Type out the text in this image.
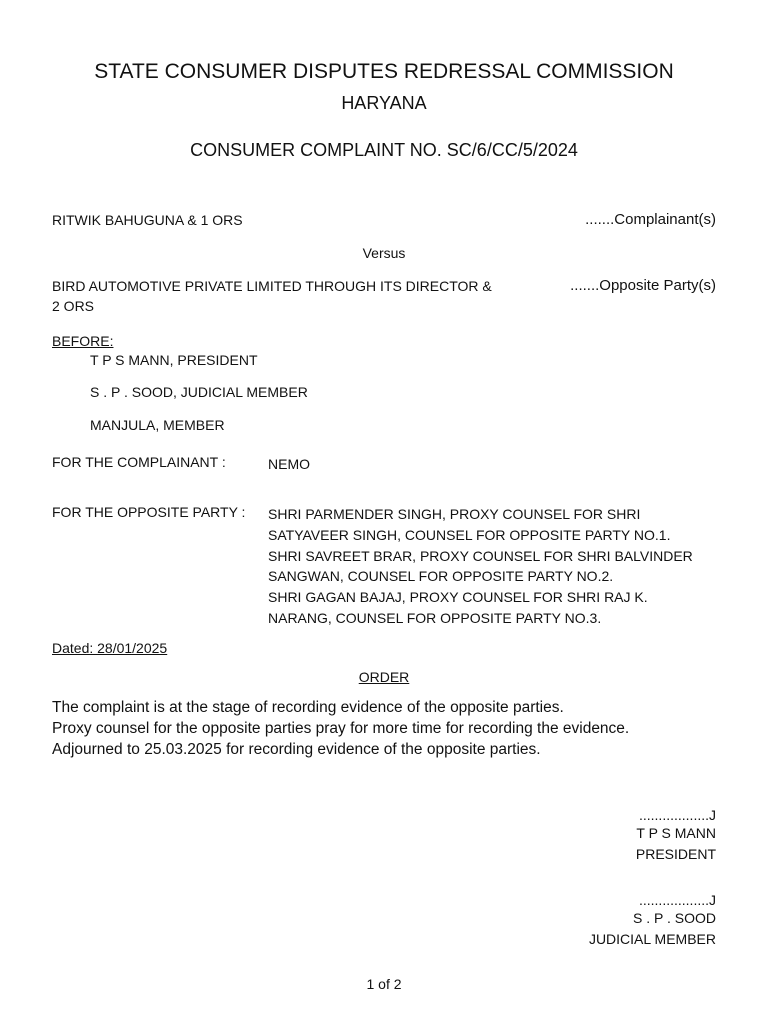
STATE CONSUMER DISPUTES REDRESSAL COMMISSION
HARYANA
CONSUMER COMPLAINT NO. SC/6/CC/5/2024
RITWIK BAHUGUNA & 1 ORS	.......Complainant(s)
Versus
BIRD AUTOMOTIVE PRIVATE LIMITED THROUGH ITS DIRECTOR &
2 ORS
.......Opposite Party(s)
BEFORE:
T P S MANN, PRESIDENT
S . P . SOOD, JUDICIAL MEMBER
MANJULA, MEMBER
FOR THE COMPLAINANT :	NEMO
FOR THE OPPOSITE PARTY : SHRI PARMENDER SINGH, PROXY COUNSEL FOR SHRI
SATYAVEER SINGH, COUNSEL FOR OPPOSITE PARTY NO.1.
SHRI SAVREET BRAR, PROXY COUNSEL FOR SHRI BALVINDER
SANGWAN, COUNSEL FOR OPPOSITE PARTY NO.2.
SHRI GAGAN BAJAJ, PROXY COUNSEL FOR SHRI RAJ K.
NARANG, COUNSEL FOR OPPOSITE PARTY NO.3.
Dated: 28/01/2025
ORDER
The complaint is at the stage of recording evidence of the opposite parties.
Proxy counsel for the opposite parties pray for more time for recording the evidence.
Adjourned to 25.03.2025 for recording evidence of the opposite parties.
..................J
T P S MANN
PRESIDENT
..................J
S . P . SOOD
JUDICIAL MEMBER
1 of 2
